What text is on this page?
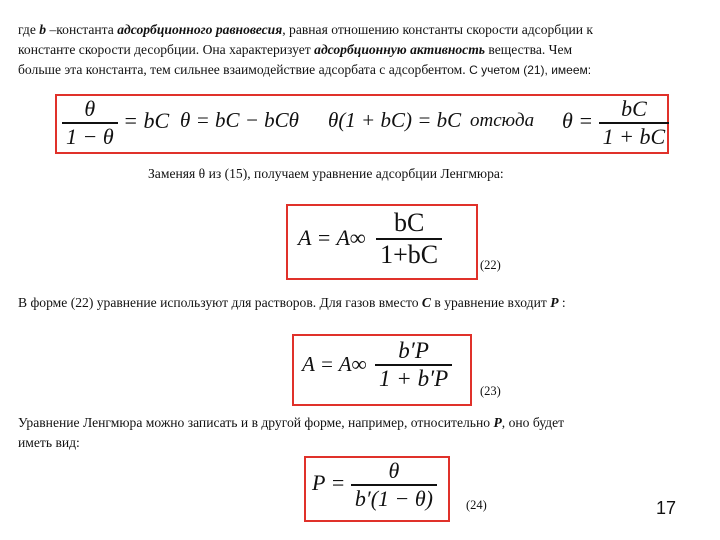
где b –константа адсорбционного равновесия, равная отношению константы скорости адсорбции к
константе скорости десорбции. Она характеризует адсорбционную активность вещества. Чем
больше эта константа, тем сильнее взаимодействие адсорбата с адсорбентом. С учетом (21), имеем:
$\frac{\theta}{1 - \theta}$ = bC θ = bC − bCθ θ(1 + bC) = bC отсюда $\theta = \frac{bC}{1 + bC}$
Заменяя θ из (15), получаем уравнение адсорбции Ленгмюра:
$A = A\infty \frac{bC}{1+bC}$	(22)
В форме (22) уравнение используют для растворов. Для газов вместо С в уравнение входит Р :
$A = A\infty \frac{b'P}{1 + b'P} (23)$
Уравнение Ленгмюра можно записать и в другой форме, например, относительно Р, оно будет
иметь вид:
$P = \frac{\theta}{b'(1 - \theta)} (24)$	17
